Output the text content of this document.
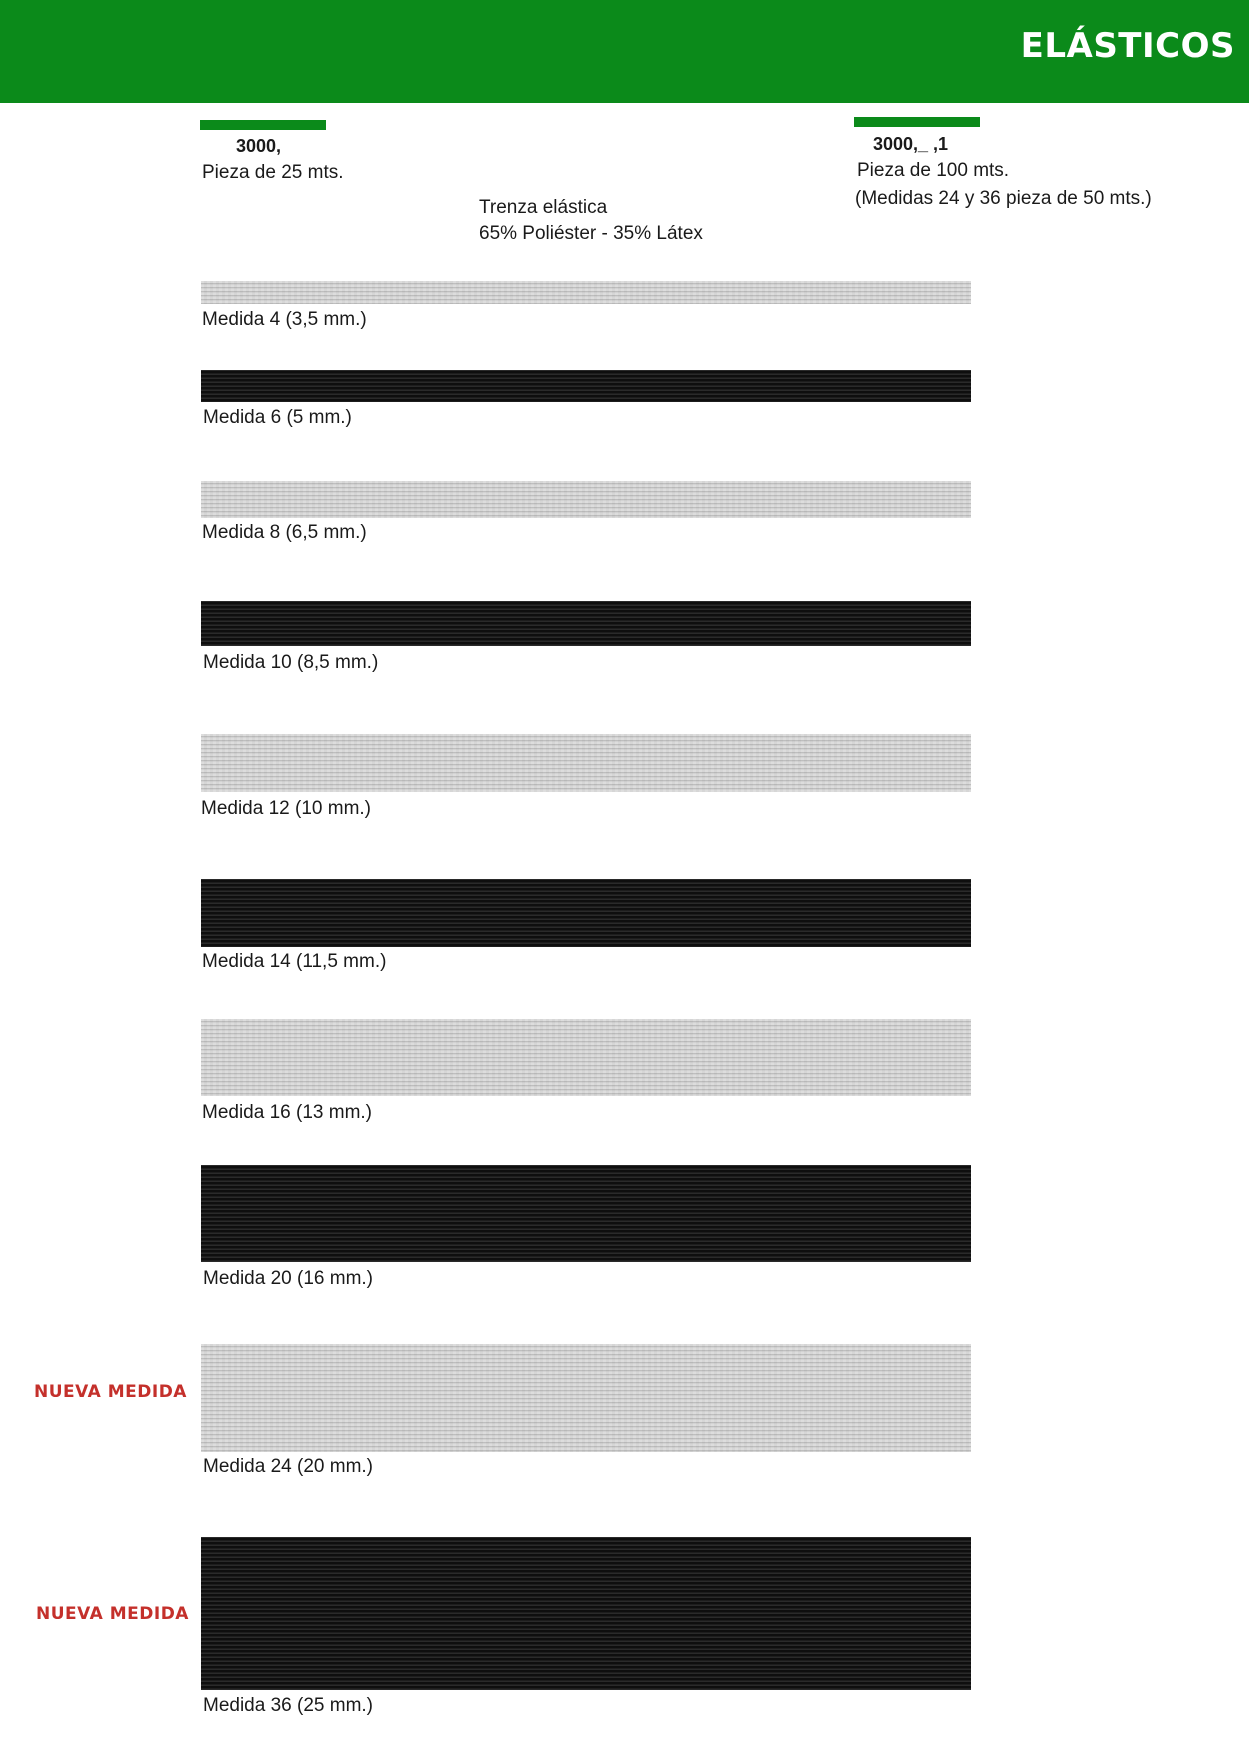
ELÁSTICOS
3000,
Pieza de 25 mts.
3000,_ ,1
Pieza de 100 mts.
(Medidas 24 y 36 pieza de 50 mts.)
Trenza elástica
65% Poliéster - 35% Látex
Medida 4 (3,5 mm.)
Medida 6 (5 mm.)
Medida 8 (6,5 mm.)
Medida 10 (8,5 mm.)
Medida 12 (10 mm.)
Medida 14 (11,5 mm.)
Medida 16 (13 mm.)
Medida 20 (16 mm.)
NUEVA MEDIDA
Medida 24 (20 mm.)
NUEVA MEDIDA
Medida 36 (25 mm.)
